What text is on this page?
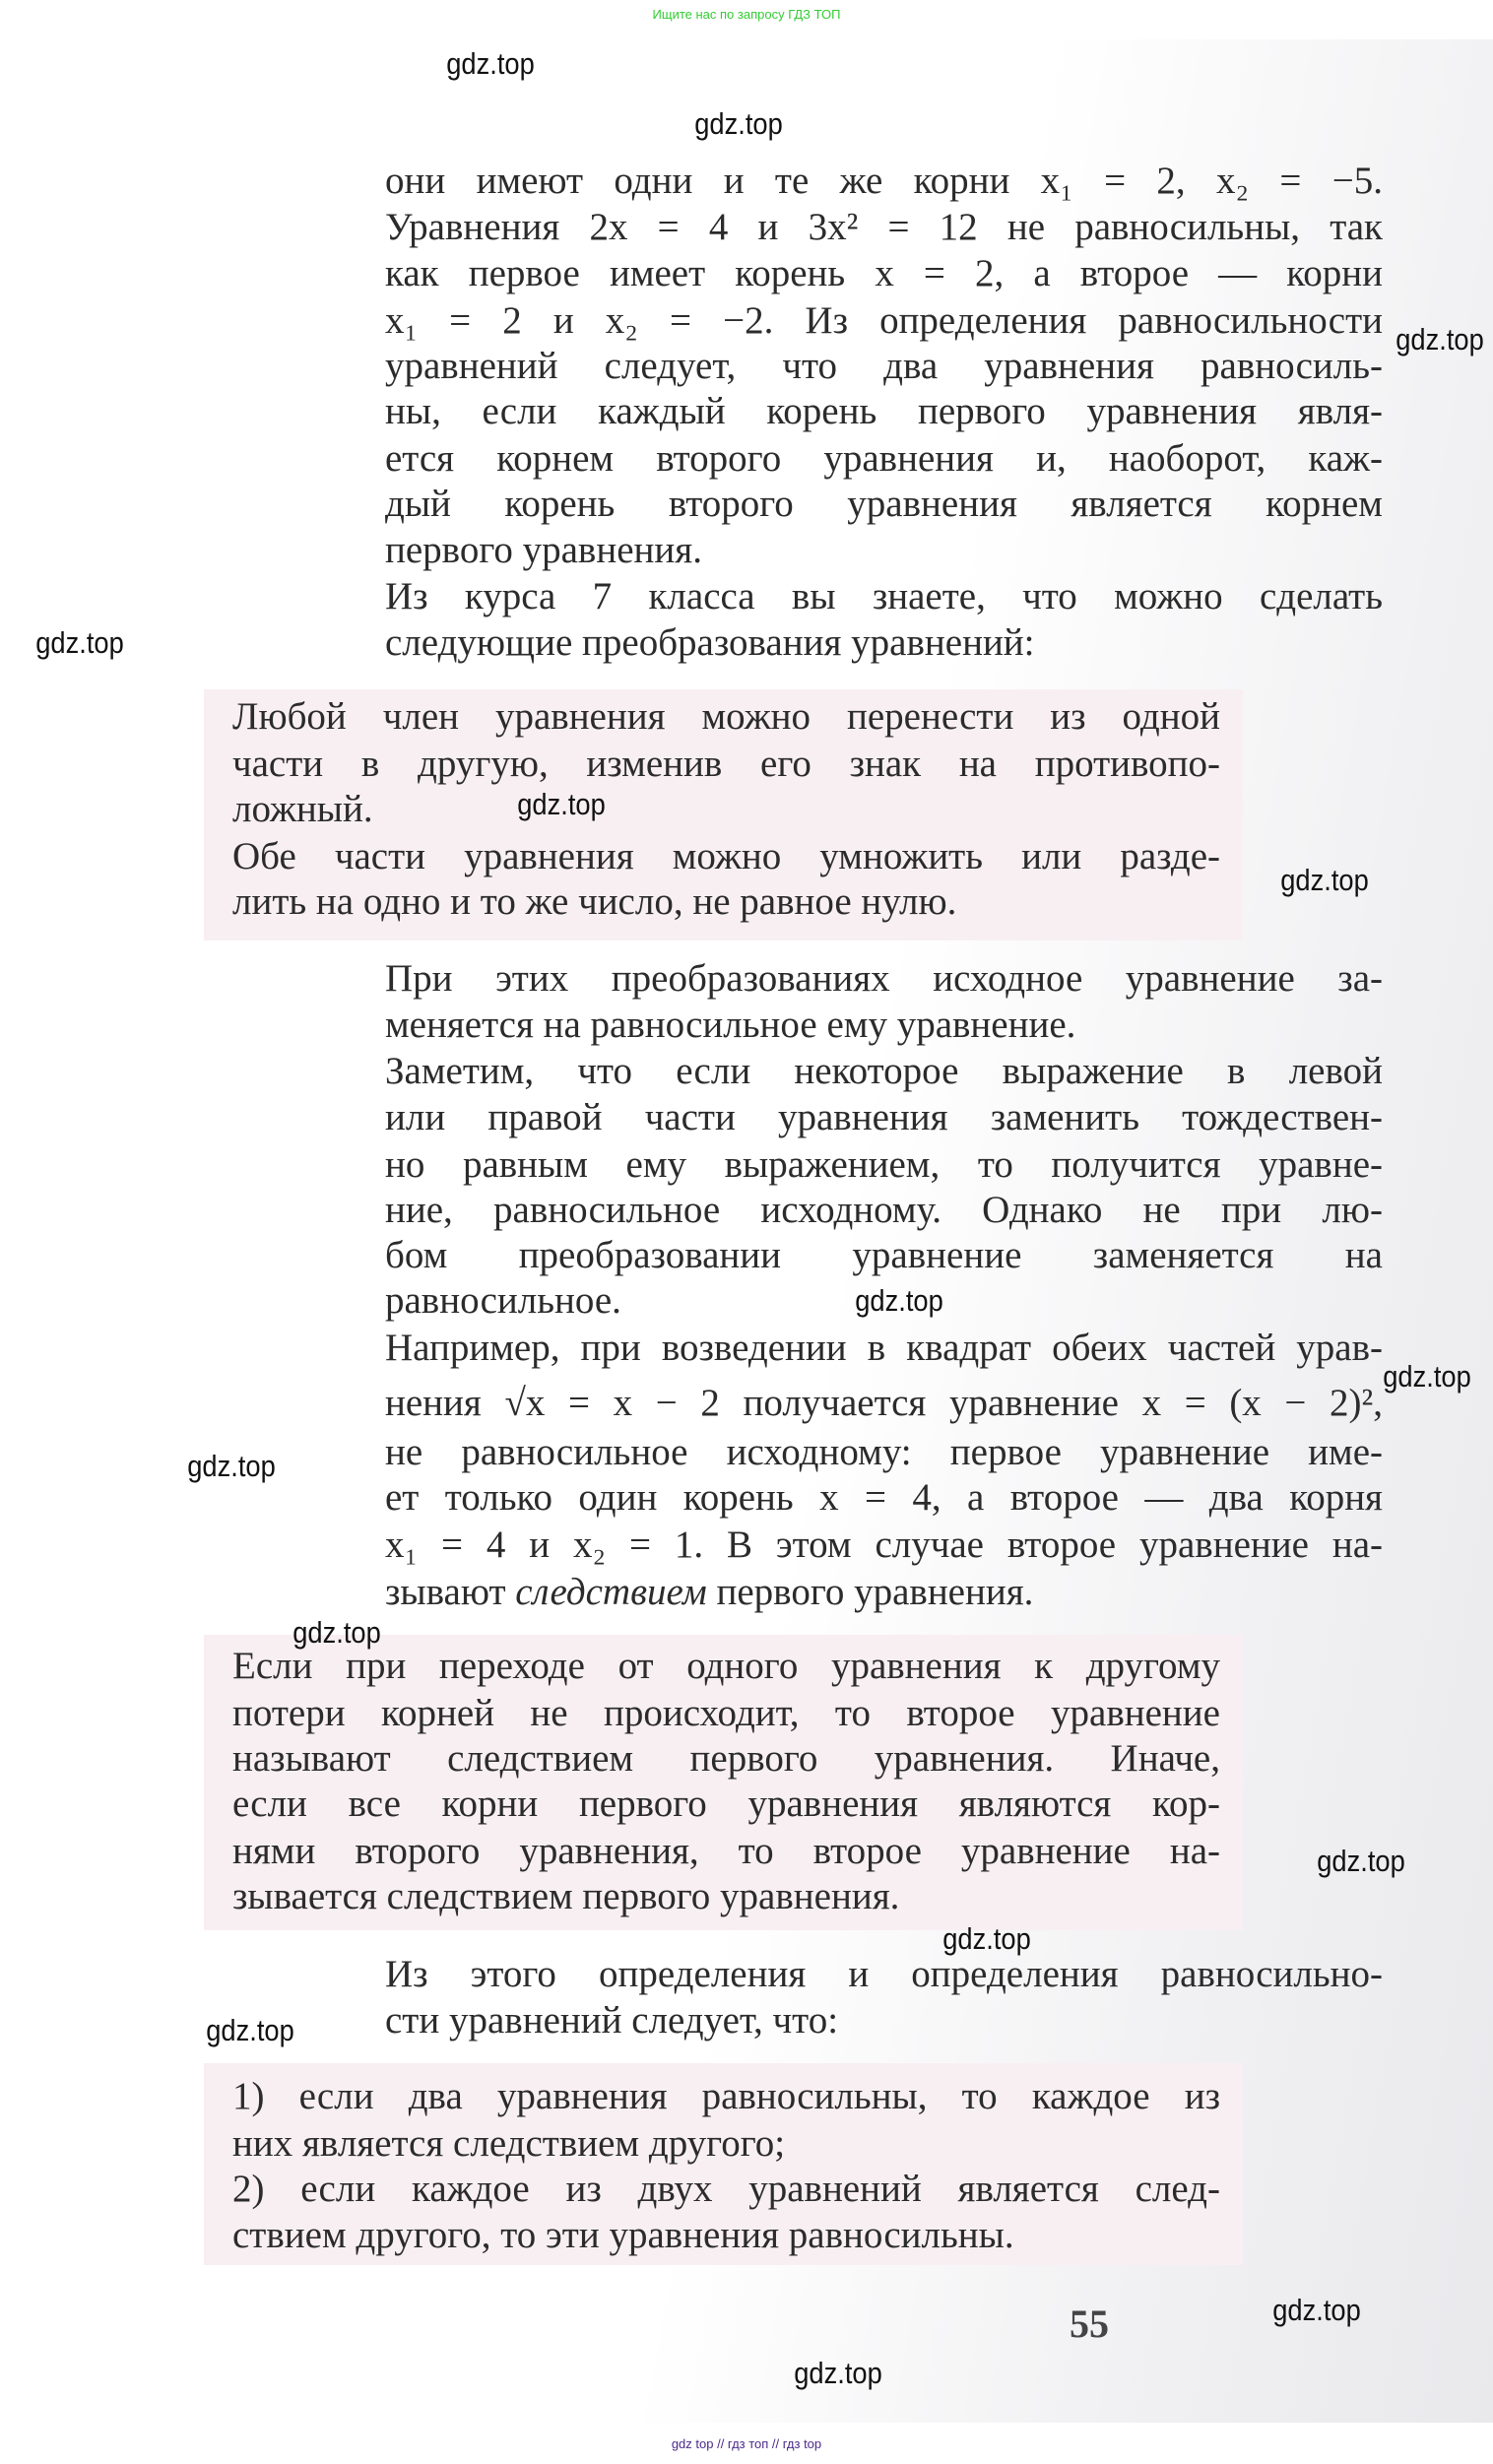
Ищите нас по запросу ГДЗ ТОП
они имеют одни и те же корни x₁ = 2, x₂ = −5.
Уравнения 2x = 4 и 3x² = 12 не равносильны, так
как первое имеет корень x = 2, а второе — корни
x₁ = 2 и x₂ = −2. Из определения равносильности
уравнений следует, что два уравнения равносиль-
ны, если каждый корень первого уравнения явля-
ется корнем второго уравнения и, наоборот, каж-
дый корень второго уравнения является корнем
первого уравнения.
Из курса 7 класса вы знаете, что можно сделать
следующие преобразования уравнений:
Любой член уравнения можно перенести из одной
части в другую, изменив его знак на противопо-
ложный.
Обе части уравнения можно умножить или разде-
лить на одно и то же число, не равное нулю.
При этих преобразованиях исходное уравнение за-
меняется на равносильное ему уравнение.
Заметим, что если некоторое выражение в левой
или правой части уравнения заменить тождествен-
но равным ему выражением, то получится уравне-
ние, равносильное исходному. Однако не при лю-
бом преобразовании уравнение заменяется на
равносильное.
Например, при возведении в квадрат обеих частей урав-
нения √x = x − 2 получается уравнение x = (x − 2)²,
не равносильное исходному: первое уравнение име-
ет только один корень x = 4, а второе — два корня
x₁ = 4 и x₂ = 1. В этом случае второе уравнение на-
зывают следствием первого уравнения.
Если при переходе от одного уравнения к другому
потери корней не происходит, то второе уравнение
называют следствием первого уравнения. Иначе,
если все корни первого уравнения являются кор-
нями второго уравнения, то второе уравнение на-
зывается следствием первого уравнения.
Из этого определения и определения равносильно-
сти уравнений следует, что:
1) если два уравнения равносильны, то каждое из
них является следствием другого;
2) если каждое из двух уравнений является след-
ствием другого, то эти уравнения равносильны.
55
gdz.top
gdz.top
gdz.top
gdz.top
gdz.top
gdz.top
gdz.top
gdz.top
gdz.top
gdz.top
gdz.top
gdz.top
gdz.top
gdz.top
gdz.top
gdz top // гдз топ // гдз top
